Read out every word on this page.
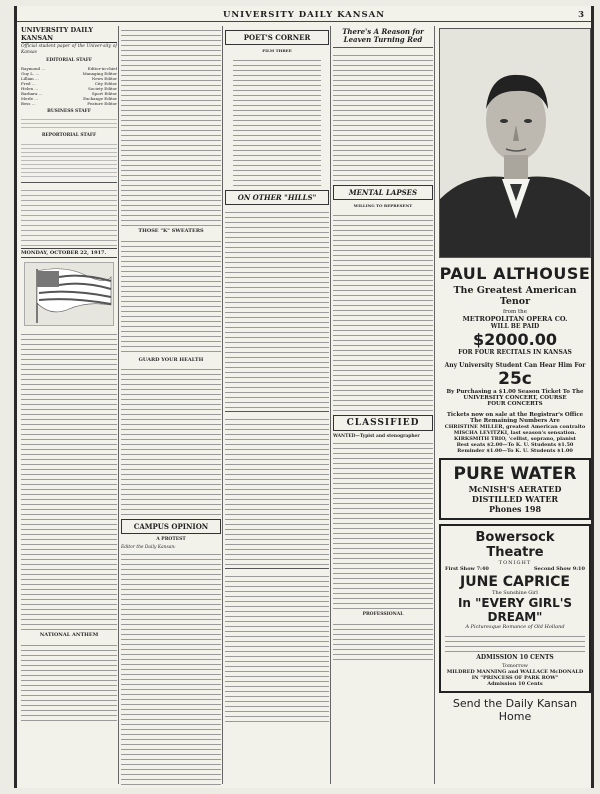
UNIVERSITY DAILY KANSAN	3
UNIVERSITY DAILY KANSAN
Official student paper of the Univer-sity of Kansas
EDITORIAL STAFF
Raymond ...	Editor-in-chief
Guy L. ...	Managing Editor
Lillian ...	News Editor
Fred ...	City Editor
Helen ...	Society Editor
Barbara ...	Sport Editor
Merle ...	Exchange Editor
Bess ...	Feature Editor
BUSINESS STAFF
REPORTORIAL STAFF
MONDAY, OCTOBER 22, 1917.
NATIONAL ANTHEM
THOSE "K" SWEATERS
GUARD YOUR HEALTH
CAMPUS OPINION
A PROTEST
Editor the Daily Kansan:
POET'S CORNER
FILM THREE
ON OTHER "HILLS"
There's A Reason for Leaven Turning Red
MENTAL LAPSES
WILLING TO REPRESENT
CLASSIFIED
WANTED—Typist and stenographer
PROFESSIONAL
PAUL ALTHOUSE
The Greatest American Tenor
from the
METROPOLITAN OPERA CO.
WILL BE PAID
$2000.00
FOR FOUR RECITALS IN KANSAS
Any University Student Can Hear Him For
25c
By Purchasing a $1.00 Season Ticket To The
UNIVERSITY CONCERT, COURSE
FOUR CONCERTS
Tickets now on sale at the Registrar's Office
The Remaining Numbers Are
CHRISTINE MILLER, greatest American contralto
MISCHA LEVITZKI, last season's sensation.
KIRKSMITH TRIO, 'cellist, soprano, pianist
Best seats $2.00—To K. U. Students $1.50
Reminder $1.00—To K. U. Students $1.00
PURE WATER
McNISH'S AERATED
DISTILLED WATER
Phones 198
Bowersock Theatre
TONIGHT
First Show 7:40	Second Show 9:10
JUNE CAPRICE
The Sunshine Girl
In "EVERY GIRL'S DREAM"
A Picturesque Romance of Old Holland
ADMISSION 10 CENTS
Tomorrow
MILDRED MANNING and WALLACE McDONALD
IN "PRINCESS OF PARK ROW"
Admission 10 Cents
Send the Daily Kansan Home
